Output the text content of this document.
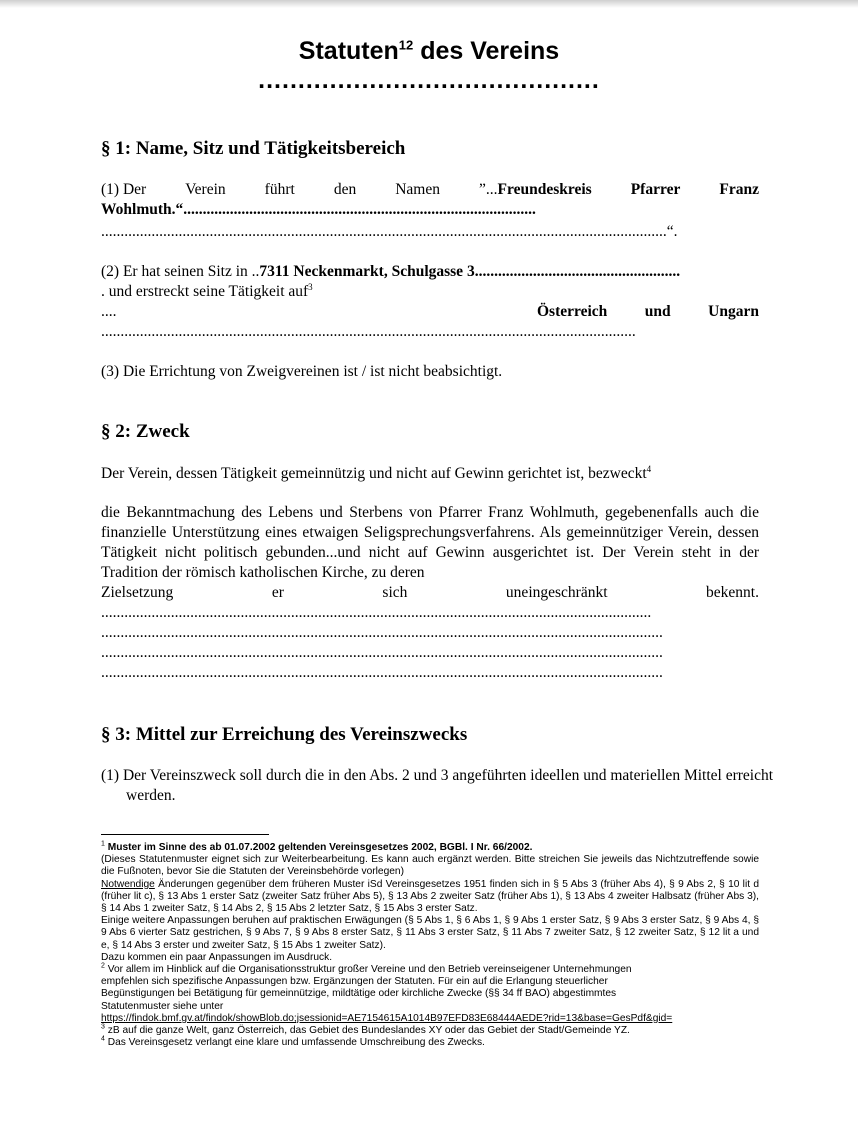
Statuten$^{12}$ des Vereins
...........................................
§ 1: Name, Sitz und Tätigkeitsbereich
(1) Der	Verein	führt	den	Namen	”...Freundeskreis	Pfarrer	Franz
Wohlmuth.“...........................................................................................
..................................................................................................................................................“.
(2) Er hat seinen Sitz in ..7311 Neckenmarkt, Schulgasse 3.....................................................
. und erstreckt seine Tätigkeit auf$^3$
....	Österreich und Ungarn
..........................................................................................................................................
(3) Die Errichtung von Zweigvereinen ist / ist nicht beabsichtigt.
§ 2: Zweck
Der Verein, dessen Tätigkeit gemeinnützig und nicht auf Gewinn gerichtet ist, bezweckt$^4$
die Bekanntmachung des Lebens und Sterbens von Pfarrer Franz Wohlmuth, gegebenenfalls auch die finanzielle Unterstützung eines etwaigen Seligsprechungsverfahrens. Als gemeinnütziger Verein, dessen Tätigkeit nicht politisch gebunden...und nicht auf Gewinn ausgerichtet ist. Der Verein steht in der Tradition der römisch katholischen Kirche, zu deren
Zielsetzung er sich uneingeschränkt bekennt.
..............................................................................................................................................
.................................................................................................................................................
.................................................................................................................................................
.................................................................................................................................................
§ 3: Mittel zur Erreichung des Vereinszwecks
(1) Der Vereinszweck soll durch die in den Abs. 2 und 3 angeführten ideellen und materiellen Mittel erreicht werden.

$^1$ Muster im Sinne des ab 01.07.2002 geltenden Vereinsgesetzes 2002, BGBl. I Nr. 66/2002.

(Dieses Statutenmuster eignet sich zur Weiterbearbeitung. Es kann auch ergänzt werden. Bitte streichen Sie jeweils das Nichtzutreffende sowie die Fußnoten, bevor Sie die Statuten der Vereinsbehörde vorlegen)

Notwendige Änderungen gegenüber dem früheren Muster iSd Vereinsgesetzes 1951 finden sich in § 5 Abs 3 (früher Abs 4), § 9 Abs 2, § 10 lit d (früher lit c), § 13 Abs 1 erster Satz (zweiter Satz früher Abs 5), § 13 Abs 2 zweiter Satz (früher Abs 1), § 13 Abs 4 zweiter Halbsatz (früher Abs 3), § 14 Abs 1 zweiter Satz, § 14 Abs 2, § 15 Abs 2 letzter Satz, § 15 Abs 3 erster Satz.

Einige weitere Anpassungen beruhen auf praktischen Erwägungen (§ 5 Abs 1, § 6 Abs 1, § 9 Abs 1 erster Satz, § 9 Abs 3 erster Satz, § 9 Abs 4, § 9 Abs 6 vierter Satz gestrichen, § 9 Abs 7, § 9 Abs 8 erster Satz, § 11 Abs 3 erster Satz, § 11 Abs 7 zweiter Satz, § 12 zweiter Satz, § 12 lit a und e, § 14 Abs 3 erster und zweiter Satz, § 15 Abs 1 zweiter Satz).

Dazu kommen ein paar Anpassungen im Ausdruck.

$^2$ Vor allem im Hinblick auf die Organisationsstruktur großer Vereine und den Betrieb vereinseigener Unternehmungen

empfehlen sich spezifische Anpassungen bzw. Ergänzungen der Statuten. Für ein auf die Erlangung steuerlicher

Begünstigungen bei Betätigung für gemeinnützige, mildtätige oder kirchliche Zwecke (§§ 34 ff BAO) abgestimmtes

Statutenmuster siehe unter

https://findok.bmf.gv.at/findok/showBlob.do;jsessionid=AE7154615A1014B97EFD83E68444AEDE?rid=13&base=GesPdf&gid=

$^3$ zB auf die ganze Welt, ganz Österreich, das Gebiet des Bundeslandes XY oder das Gebiet der Stadt/Gemeinde YZ.

$^4$ Das Vereinsgesetz verlangt eine klare und umfassende Umschreibung des Zwecks.
